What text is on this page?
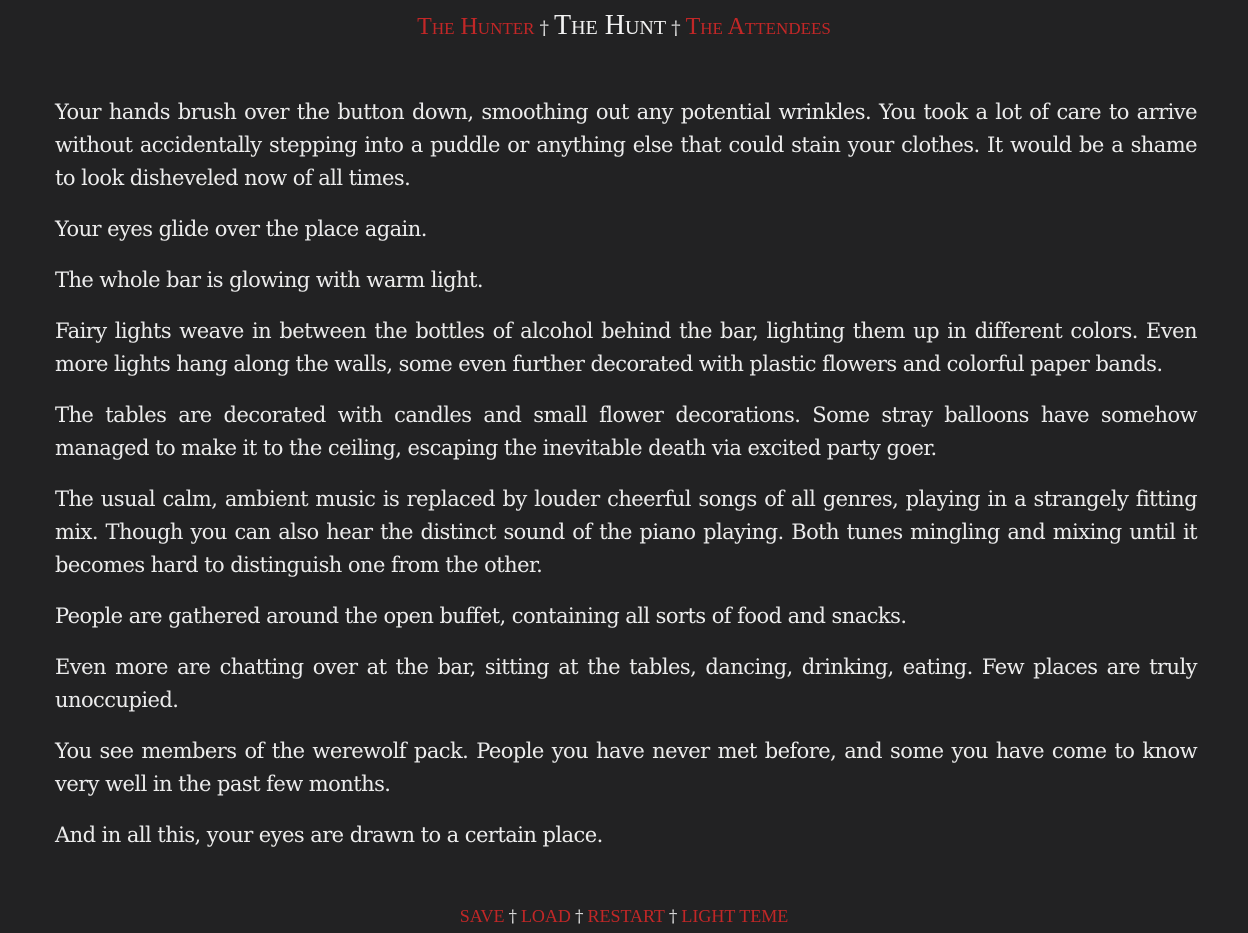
The Hunter † The Hunt † The Attendees

Your hands brush over the button down, smoothing out any potential wrinkles. You took a lot of care to arrive without accidentally stepping into a puddle or anything else that could stain your clothes. It would be a shame to look disheveled now of all times.

Your eyes glide over the place again.

The whole bar is glowing with warm light.

Fairy lights weave in between the bottles of alcohol behind the bar, lighting them up in different colors. Even more lights hang along the walls, some even further decorated with plastic flowers and colorful paper bands.

The tables are decorated with candles and small flower decorations. Some stray balloons have somehow managed to make it to the ceiling, escaping the inevitable death via excited party goer.

The usual calm, ambient music is replaced by louder cheerful songs of all genres, playing in a strangely fitting mix. Though you can also hear the distinct sound of the piano playing. Both tunes mingling and mixing until it becomes hard to distinguish one from the other.

People are gathered around the open buffet, containing all sorts of food and snacks.

Even more are chatting over at the bar, sitting at the tables, dancing, drinking, eating. Few places are truly unoccupied.

You see members of the werewolf pack. People you have never met before, and some you have come to know very well in the past few months.

And in all this, your eyes are drawn to a certain place.

SAVE † LOAD † RESTART † LIGHT TEME
